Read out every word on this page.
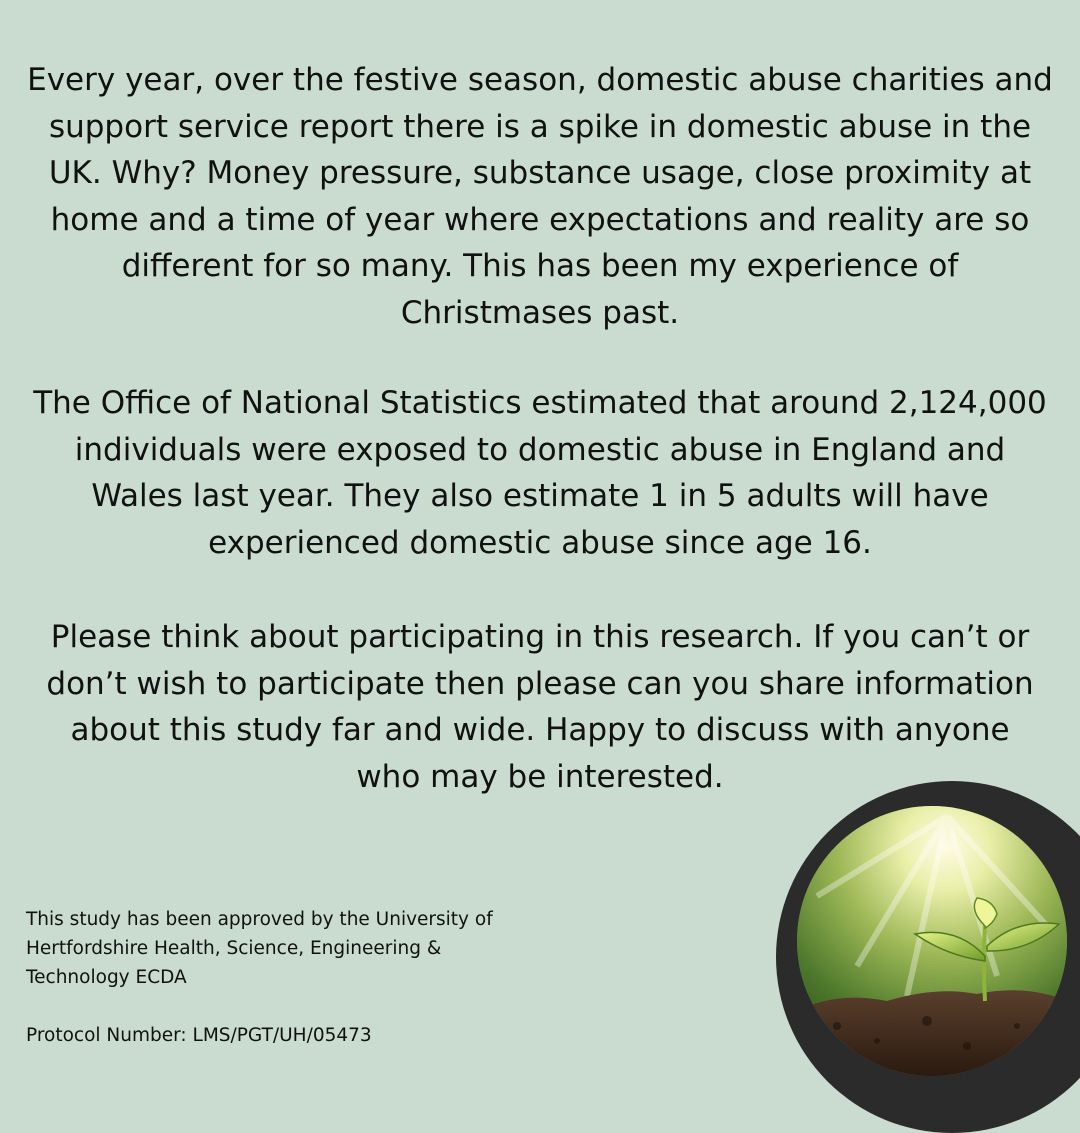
Every year, over the festive season, domestic abuse charities and
support service report there is a spike in domestic abuse in the
UK. Why? Money pressure, substance usage, close proximity at
home and a time of year where expectations and reality are so
different for so many. This has been my experience of
Christmases past.
The Office of National Statistics estimated that around 2,124,000
individuals were exposed to domestic abuse in England and
Wales last year. They also estimate 1 in 5 adults will have
experienced domestic abuse since age 16.
Please think about participating in this research. If you can’t or
don’t wish to participate then please can you share information
about this study far and wide. Happy to discuss with anyone
who may be interested.
This study has been approved by the University of
Hertfordshire Health, Science, Engineering &
Technology ECDA
Protocol Number: LMS/PGT/UH/05473
